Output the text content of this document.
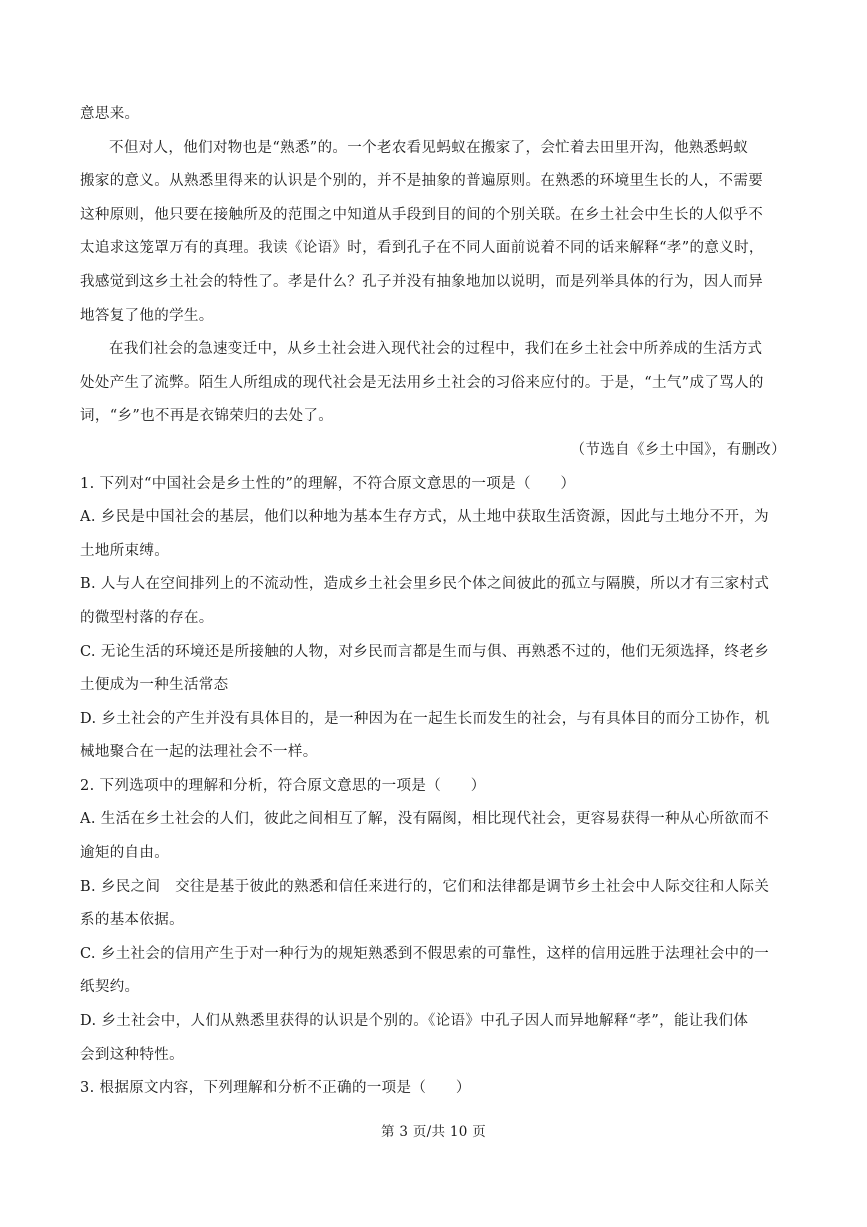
意思来。
不但对人，他们对物也是“熟悉”的。一个老农看见蚂蚁在搬家了，会忙着去田里开沟，他熟悉蚂蚁
搬家的意义。从熟悉里得来的认识是个别的，并不是抽象的普遍原则。在熟悉的环境里生长的人，不需要
这种原则，他只要在接触所及的范围之中知道从手段到目的间的个别关联。在乡土社会中生长的人似乎不
太追求这笼罩万有的真理。我读《论语》时，看到孔子在不同人面前说着不同的话来解释“孝”的意义时，
我感觉到这乡土社会的特性了。孝是什么？孔子并没有抽象地加以说明，而是列举具体的行为，因人而异
地答复了他的学生。
在我们社会的急速变迁中，从乡土社会进入现代社会的过程中，我们在乡土社会中所养成的生活方式
处处产生了流弊。陌生人所组成的现代社会是无法用乡土社会的习俗来应付的。于是，“土气”成了骂人的
词，“乡”也不再是衣锦荣归的去处了。
（节选自《乡土中国》，有删改）
1. 下列对“中国社会是乡土性的”的理解，不符合原文意思的一项是（　　）
A. 乡民是中国社会的基层，他们以种地为基本生存方式，从土地中获取生活资源，因此与土地分不开，为
土地所束缚。
B. 人与人在空间排列上的不流动性，造成乡土社会里乡民个体之间彼此的孤立与隔膜，所以才有三家村式
的微型村落的存在。
C. 无论生活的环境还是所接触的人物，对乡民而言都是生而与俱、再熟悉不过的，他们无须选择，终老乡
土便成为一种生活常态
D. 乡土社会的产生并没有具体目的，是一种因为在一起生长而发生的社会，与有具体目的而分工协作，机
械地聚合在一起的法理社会不一样。
2. 下列选项中的理解和分析，符合原文意思的一项是（　　）
A. 生活在乡土社会的人们，彼此之间相互了解，没有隔阂，相比现代社会，更容易获得一种从心所欲而不
逾矩的自由。
B. 乡民之间　交往是基于彼此的熟悉和信任来进行的，它们和法律都是调节乡土社会中人际交往和人际关
系的基本依据。
C. 乡土社会的信用产生于对一种行为的规矩熟悉到不假思索的可靠性，这样的信用远胜于法理社会中的一
纸契约。
D. 乡土社会中，人们从熟悉里获得的认识是个别的。《论语》中孔子因人而异地解释“孝”，能让我们体
会到这种特性。
3. 根据原文内容，下列理解和分析不正确的一项是（　　）
第 3 页/共 10 页
